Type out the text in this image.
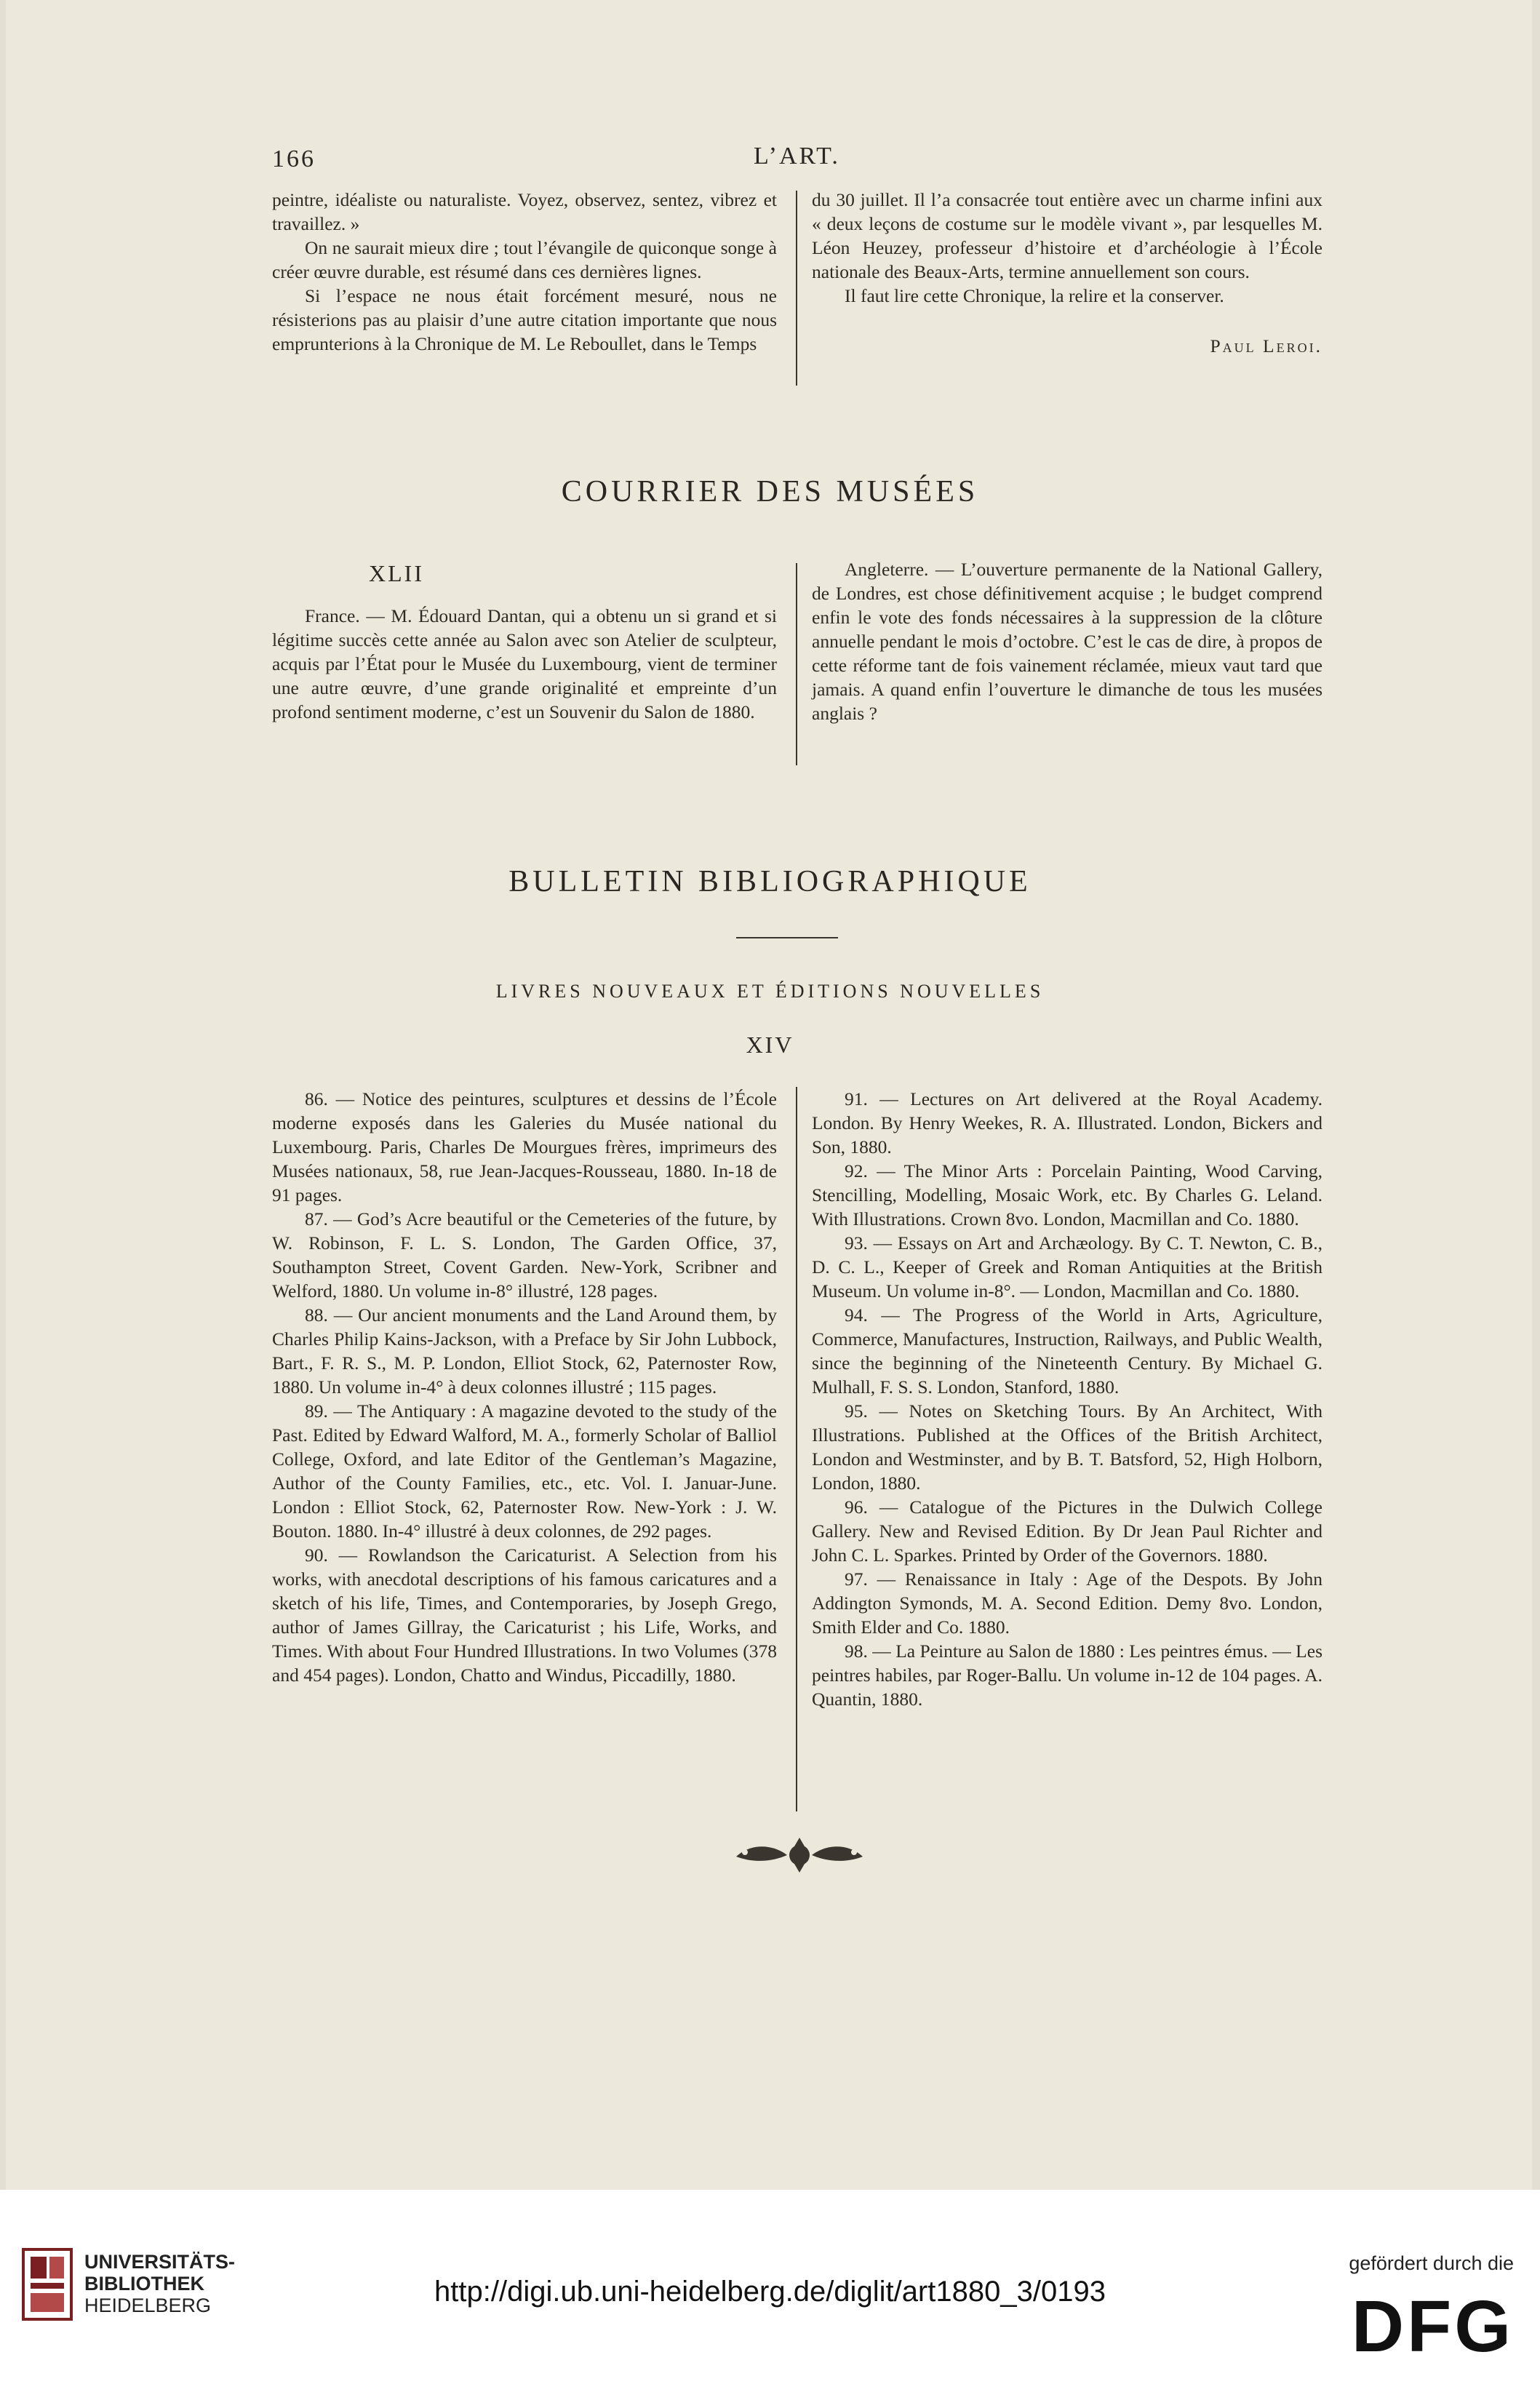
166	L’ART.

peintre, idéaliste ou naturaliste. Voyez, observez, sentez, vibrez et travaillez. »

On ne saurait mieux dire ; tout l’évangile de quiconque songe à créer œuvre durable, est résumé dans ces dernières lignes.

Si l’espace ne nous était forcément mesuré, nous ne résisterions pas au plaisir d’une autre citation importante que nous emprunterions à la Chronique de M. Le Reboullet, dans le Temps

du 30 juillet. Il l’a consacrée tout entière avec un charme infini aux « deux leçons de costume sur le modèle vivant », par lesquelles M. Léon Heuzey, professeur d’histoire et d’archéologie à l’École nationale des Beaux-Arts, termine annuellement son cours.

Il faut lire cette Chronique, la relire et la conserver.

Paul Leroi.

COURRIER DES MUSÉES
XLII

France. — M. Édouard Dantan, qui a obtenu un si grand et si légitime succès cette année au Salon avec son Atelier de sculpteur, acquis par l’État pour le Musée du Luxembourg, vient de terminer une autre œuvre, d’une grande originalité et empreinte d’un profond sentiment moderne, c’est un Souvenir du Salon de 1880.

Angleterre. — L’ouverture permanente de la National Gallery, de Londres, est chose définitivement acquise ; le budget comprend enfin le vote des fonds nécessaires à la suppression de la clôture annuelle pendant le mois d’octobre. C’est le cas de dire, à propos de cette réforme tant de fois vainement réclamée, mieux vaut tard que jamais. A quand enfin l’ouverture le dimanche de tous les musées anglais ?

BULLETIN BIBLIOGRAPHIQUE
LIVRES NOUVEAUX ET ÉDITIONS NOUVELLES
XIV

86. — Notice des peintures, sculptures et dessins de l’École moderne exposés dans les Galeries du Musée national du Luxembourg. Paris, Charles De Mourgues frères, imprimeurs des Musées nationaux, 58, rue Jean-Jacques-Rousseau, 1880. In-18 de 91 pages.

87. — God’s Acre beautiful or the Cemeteries of the future, by W. Robinson, F. L. S. London, The Garden Office, 37, Southampton Street, Covent Garden. New-York, Scribner and Welford, 1880. Un volume in-8° illustré, 128 pages.

88. — Our ancient monuments and the Land Around them, by Charles Philip Kains-Jackson, with a Preface by Sir John Lubbock, Bart., F. R. S., M. P. London, Elliot Stock, 62, Paternoster Row, 1880. Un volume in-4° à deux colonnes illustré ; 115 pages.

89. — The Antiquary : A magazine devoted to the study of the Past. Edited by Edward Walford, M. A., formerly Scholar of Balliol College, Oxford, and late Editor of the Gentleman’s Magazine, Author of the County Families, etc., etc. Vol. I. Januar-June. London : Elliot Stock, 62, Paternoster Row. New-York : J. W. Bouton. 1880. In-4° illustré à deux colonnes, de 292 pages.

90. — Rowlandson the Caricaturist. A Selection from his works, with anecdotal descriptions of his famous caricatures and a sketch of his life, Times, and Contemporaries, by Joseph Grego, author of James Gillray, the Caricaturist ; his Life, Works, and Times. With about Four Hundred Illustrations. In two Volumes (378 and 454 pages). London, Chatto and Windus, Piccadilly, 1880.

91. — Lectures on Art delivered at the Royal Academy. London. By Henry Weekes, R. A. Illustrated. London, Bickers and Son, 1880.

92. — The Minor Arts : Porcelain Painting, Wood Carving, Stencilling, Modelling, Mosaic Work, etc. By Charles G. Leland. With Illustrations. Crown 8vo. London, Macmillan and Co. 1880.

93. — Essays on Art and Archæology. By C. T. Newton, C. B., D. C. L., Keeper of Greek and Roman Antiquities at the British Museum. Un volume in-8°. — London, Macmillan and Co. 1880.

94. — The Progress of the World in Arts, Agriculture, Commerce, Manufactures, Instruction, Railways, and Public Wealth, since the beginning of the Nineteenth Century. By Michael G. Mulhall, F. S. S. London, Stanford, 1880.

95. — Notes on Sketching Tours. By An Architect, With Illustrations. Published at the Offices of the British Architect, London and Westminster, and by B. T. Batsford, 52, High Holborn, London, 1880.

96. — Catalogue of the Pictures in the Dulwich College Gallery. New and Revised Edition. By Dr Jean Paul Richter and John C. L. Sparkes. Printed by Order of the Governors. 1880.

97. — Renaissance in Italy : Age of the Despots. By John Addington Symonds, M. A. Second Edition. Demy 8vo. London, Smith Elder and Co. 1880.

98. — La Peinture au Salon de 1880 : Les peintres émus. — Les peintres habiles, par Roger-Ballu. Un volume in-12 de 104 pages. A. Quantin, 1880.

UNIVERSITÄTS-
BIBLIOTHEK
HEIDELBERG	http://digi.ub.uni-heidelberg.de/diglit/art1880_3/0193
gefördert durch die
DFG
